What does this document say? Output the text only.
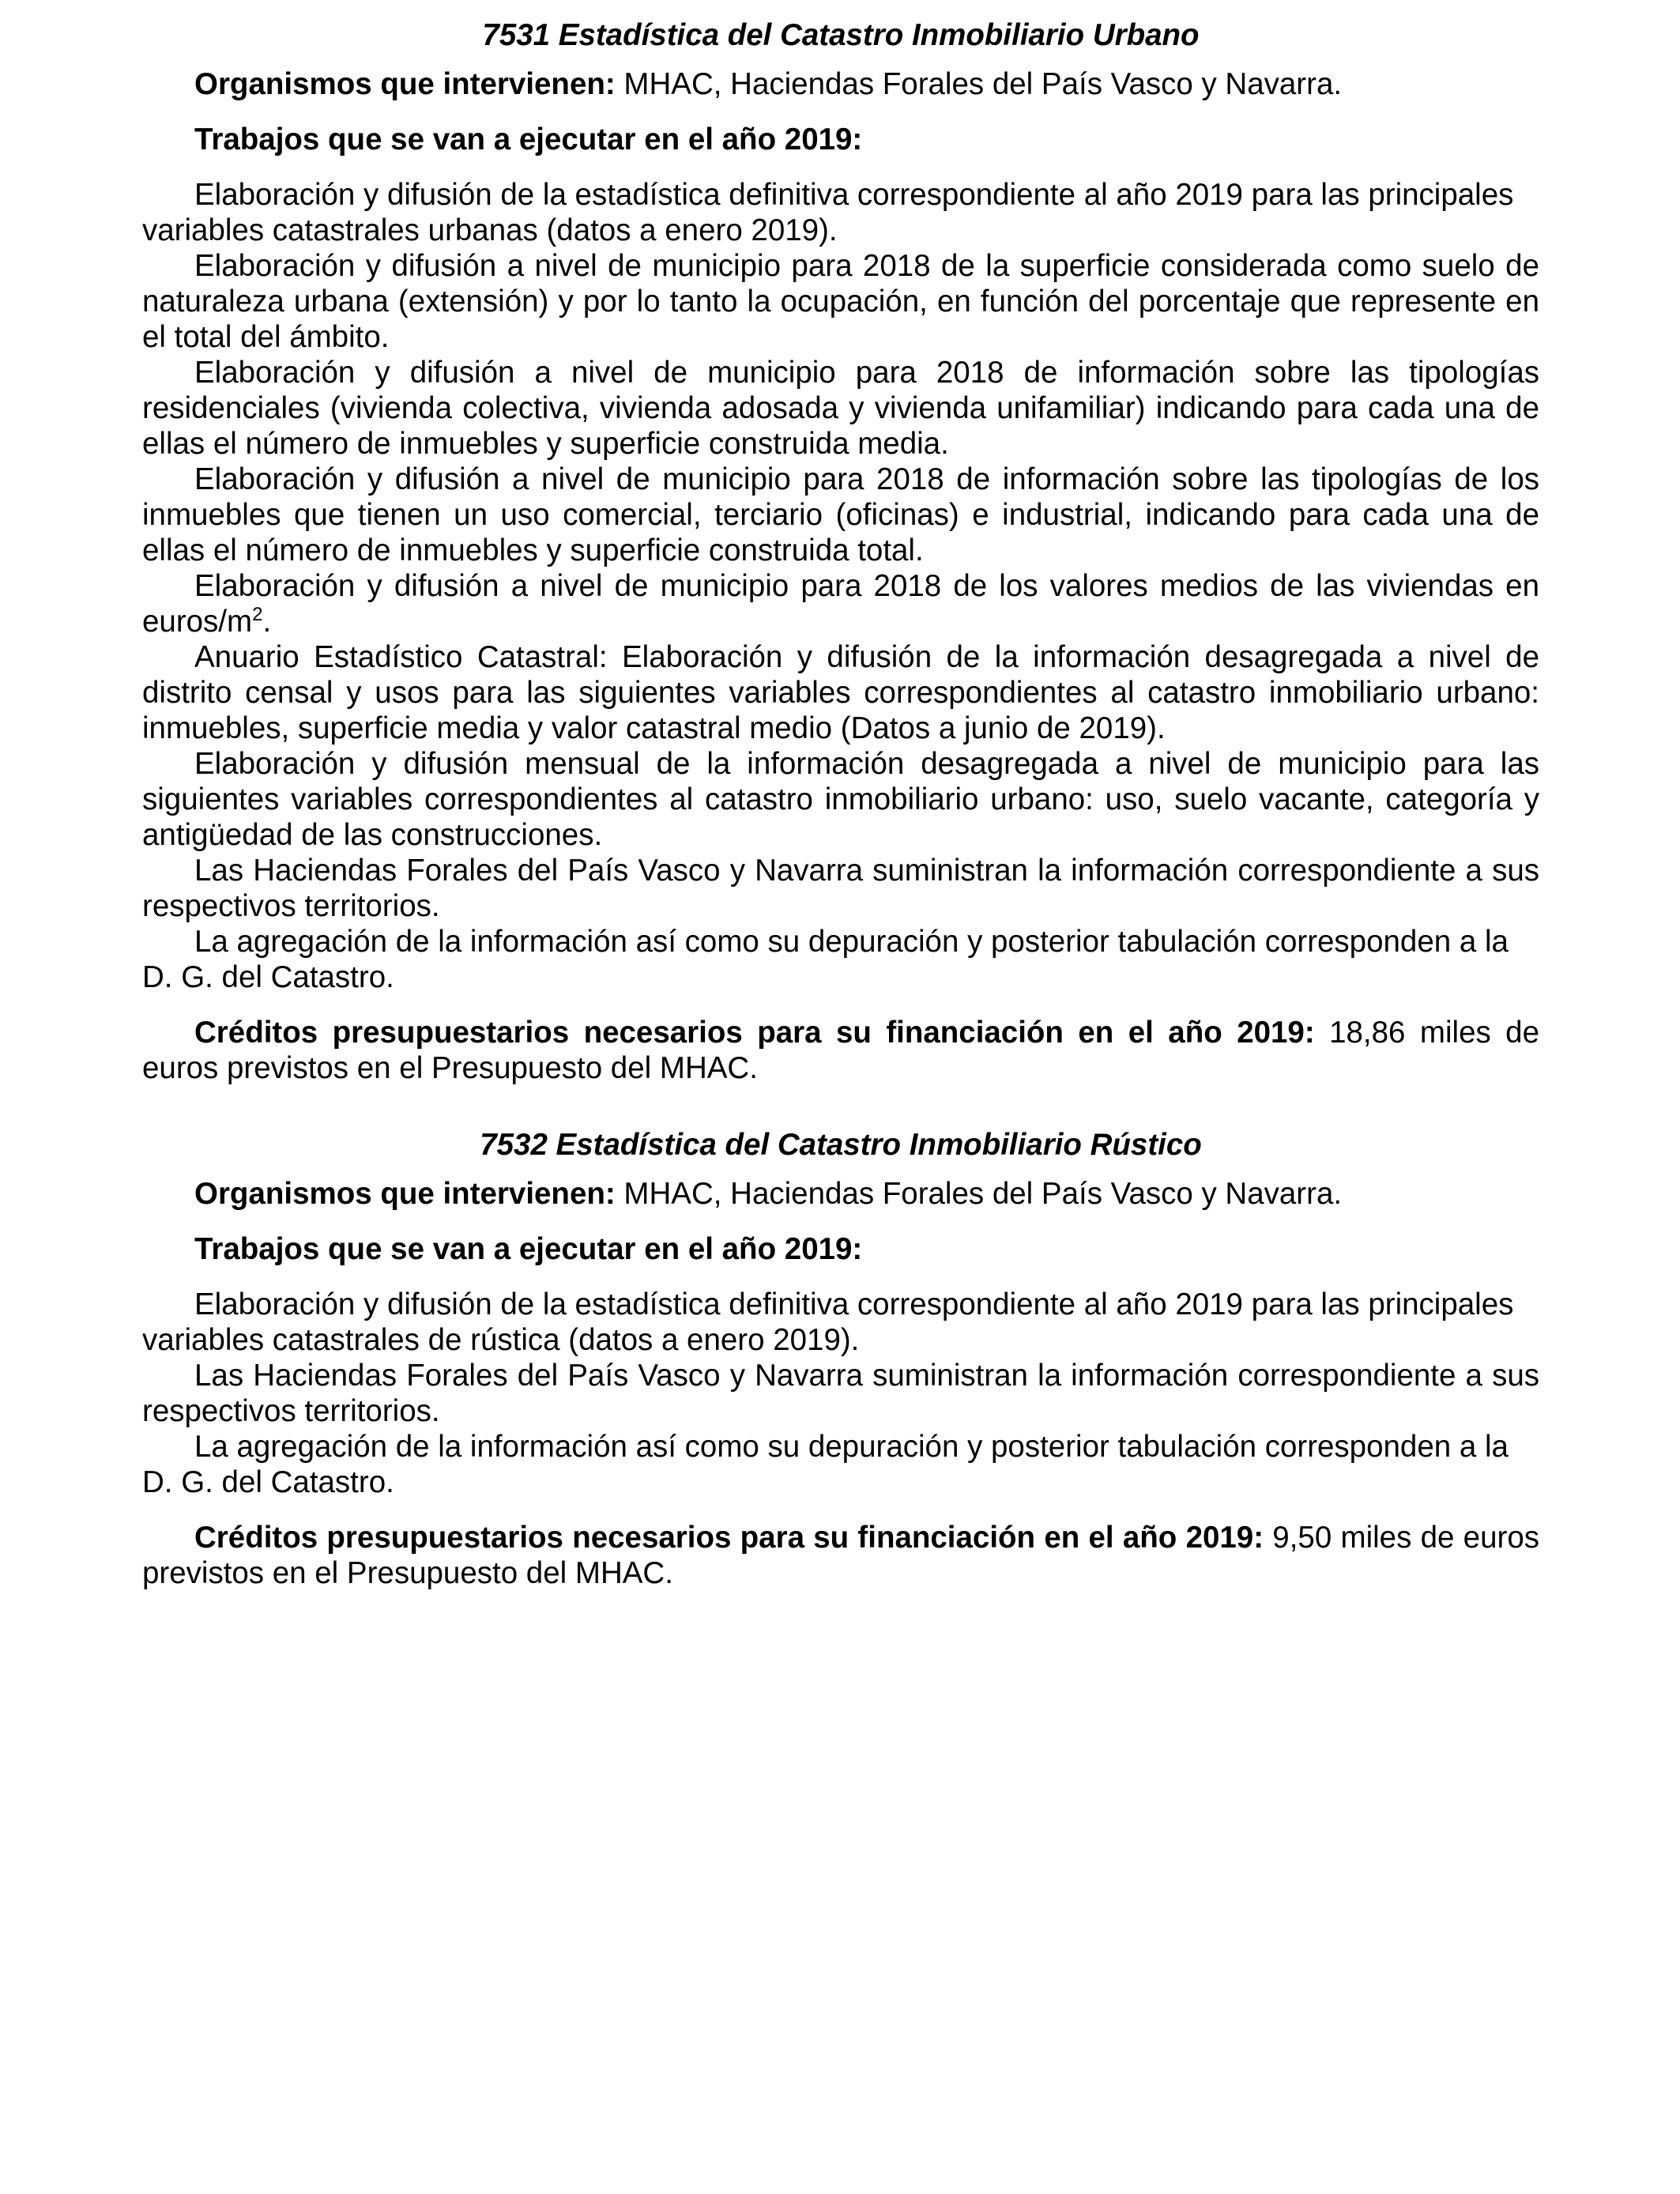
7531 Estadística del Catastro Inmobiliario Urbano

Organismos que intervienen: MHAC, Haciendas Forales del País Vasco y Navarra.

Trabajos que se van a ejecutar en el año 2019:

Elaboración y difusión de la estadística definitiva correspondiente al año 2019 para las principales variables catastrales urbanas (datos a enero 2019).

Elaboración y difusión a nivel de municipio para 2018 de la superficie considerada como suelo de naturaleza urbana (extensión) y por lo tanto la ocupación, en función del porcentaje que represente en el total del ámbito.

Elaboración y difusión a nivel de municipio para 2018 de información sobre las tipologías residenciales (vivienda colectiva, vivienda adosada y vivienda unifamiliar) indicando para cada una de ellas el número de inmuebles y superficie construida media.

Elaboración y difusión a nivel de municipio para 2018 de información sobre las tipologías de los inmuebles que tienen un uso comercial, terciario (oficinas) e industrial, indicando para cada una de ellas el número de inmuebles y superficie construida total.

Elaboración y difusión a nivel de municipio para 2018 de los valores medios de las viviendas en euros/$m^2$.

Anuario Estadístico Catastral: Elaboración y difusión de la información desagregada a nivel de distrito censal y usos para las siguientes variables correspondientes al catastro inmobiliario urbano: inmuebles, superficie media y valor catastral medio (Datos a junio de 2019).

Elaboración y difusión mensual de la información desagregada a nivel de municipio para las siguientes variables correspondientes al catastro inmobiliario urbano: uso, suelo vacante, categoría y antigüedad de las construcciones.

Las Haciendas Forales del País Vasco y Navarra suministran la información correspondiente a sus respectivos territorios.

La agregación de la información así como su depuración y posterior tabulación corresponden a la D. G. del Catastro.

Créditos presupuestarios necesarios para su financiación en el año 2019: 18,86 miles de euros previstos en el Presupuesto del MHAC.

7532 Estadística del Catastro Inmobiliario Rústico

Organismos que intervienen: MHAC, Haciendas Forales del País Vasco y Navarra.

Trabajos que se van a ejecutar en el año 2019:

Elaboración y difusión de la estadística definitiva correspondiente al año 2019 para las principales variables catastrales de rústica (datos a enero 2019).

Las Haciendas Forales del País Vasco y Navarra suministran la información correspondiente a sus respectivos territorios.

La agregación de la información así como su depuración y posterior tabulación corresponden a la D. G. del Catastro.

Créditos presupuestarios necesarios para su financiación en el año 2019: 9,50 miles de euros previstos en el Presupuesto del MHAC.
